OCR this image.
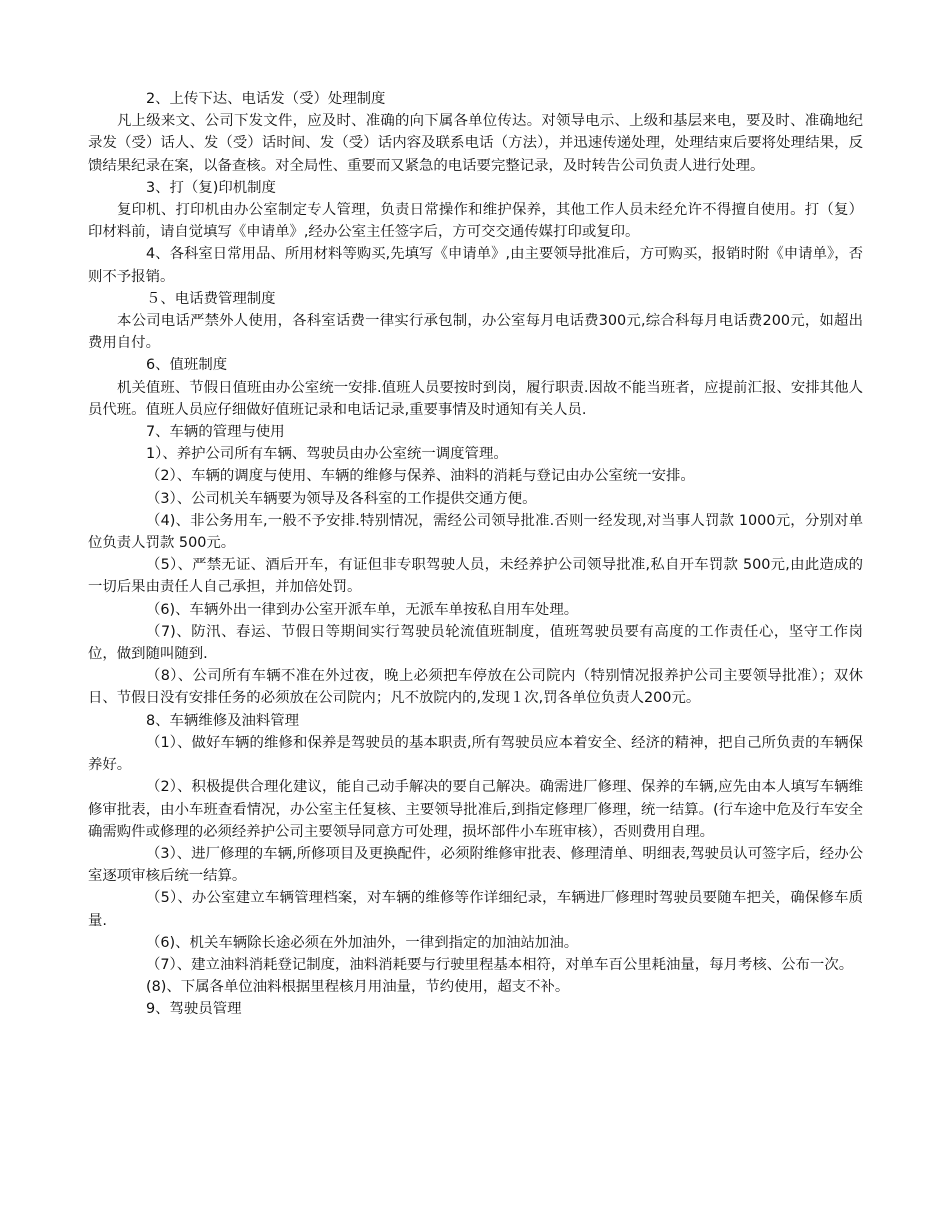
2、上传下达、电话发（受）处理制度

凡上级来文、公司下发文件，应及时、准确的向下属各单位传达。对领导电示、上级和基层来电，要及时、准确地纪录发（受）话人、发（受）话时间、发（受）话内容及联系电话（方法），并迅速传递处理，处理结束后要将处理结果，反馈结果纪录在案，以备查核。对全局性、重要而又紧急的电话要完整记录，及时转告公司负责人进行处理。

3、打（复)印机制度

复印机、打印机由办公室制定专人管理，负责日常操作和维护保养，其他工作人员未经允许不得擅自使用。打（复）印材料前，请自觉填写《申请单》,经办公室主任签字后，方可交交通传媒打印或复印。

4、各科室日常用品、所用材料等购买,先填写《申请单》,由主要领导批准后，方可购买，报销时附《申请单》，否则不予报销。

５、电话费管理制度

本公司电话严禁外人使用，各科室话费一律实行承包制，办公室每月电话费300元,综合科每月电话费200元，如超出费用自付。

6、值班制度

机关值班、节假日值班由办公室统一安排.值班人员要按时到岗，履行职责.因故不能当班者，应提前汇报、安排其他人员代班。值班人员应仔细做好值班记录和电话记录,重要事情及时通知有关人员.

7、车辆的管理与使用

1）、养护公司所有车辆、驾驶员由办公室统一调度管理。

（2）、车辆的调度与使用、车辆的维修与保养、油料的消耗与登记由办公室统一安排。

（3）、公司机关车辆要为领导及各科室的工作提供交通方便。

（4)、非公务用车,一般不予安排.特别情况，需经公司领导批准.否则一经发现,对当事人罚款 1000元，分别对单位负责人罚款 500元。

（5）、严禁无证、酒后开车，有证但非专职驾驶人员，未经养护公司领导批准,私自开车罚款 500元,由此造成的一切后果由责任人自己承担，并加倍处罚。

（6)、车辆外出一律到办公室开派车单，无派车单按私自用车处理。

（7)、防汛、春运、节假日等期间实行驾驶员轮流值班制度，值班驾驶员要有高度的工作责任心，坚守工作岗位，做到随叫随到.

（8）、公司所有车辆不准在外过夜，晚上必须把车停放在公司院内（特别情况报养护公司主要领导批准）；双休日、节假日没有安排任务的必须放在公司院内；凡不放院内的,发现１次,罚各单位负责人200元。

8、车辆维修及油料管理

（1）、做好车辆的维修和保养是驾驶员的基本职责,所有驾驶员应本着安全、经济的精神，把自己所负责的车辆保养好。

（2）、积极提供合理化建议，能自己动手解决的要自己解决。确需进厂修理、保养的车辆,应先由本人填写车辆维修审批表，由小车班查看情况，办公室主任复核、主要领导批准后,到指定修理厂修理，统一结算。(行车途中危及行车安全确需购件或修理的必须经养护公司主要领导同意方可处理，损坏部件小车班审核），否则费用自理。

（3）、进厂修理的车辆,所修项目及更换配件，必须附维修审批表、修理清单、明细表,驾驶员认可签字后，经办公室逐项审核后统一结算。

（5）、办公室建立车辆管理档案，对车辆的维修等作详细纪录，车辆进厂修理时驾驶员要随车把关，确保修车质量.

（6)、机关车辆除长途必须在外加油外，一律到指定的加油站加油。

（7）、建立油料消耗登记制度，油料消耗要与行驶里程基本相符，对单车百公里耗油量，每月考核、公布一次。

(8)、下属各单位油料根据里程核月用油量，节约使用，超支不补。

9、驾驶员管理
